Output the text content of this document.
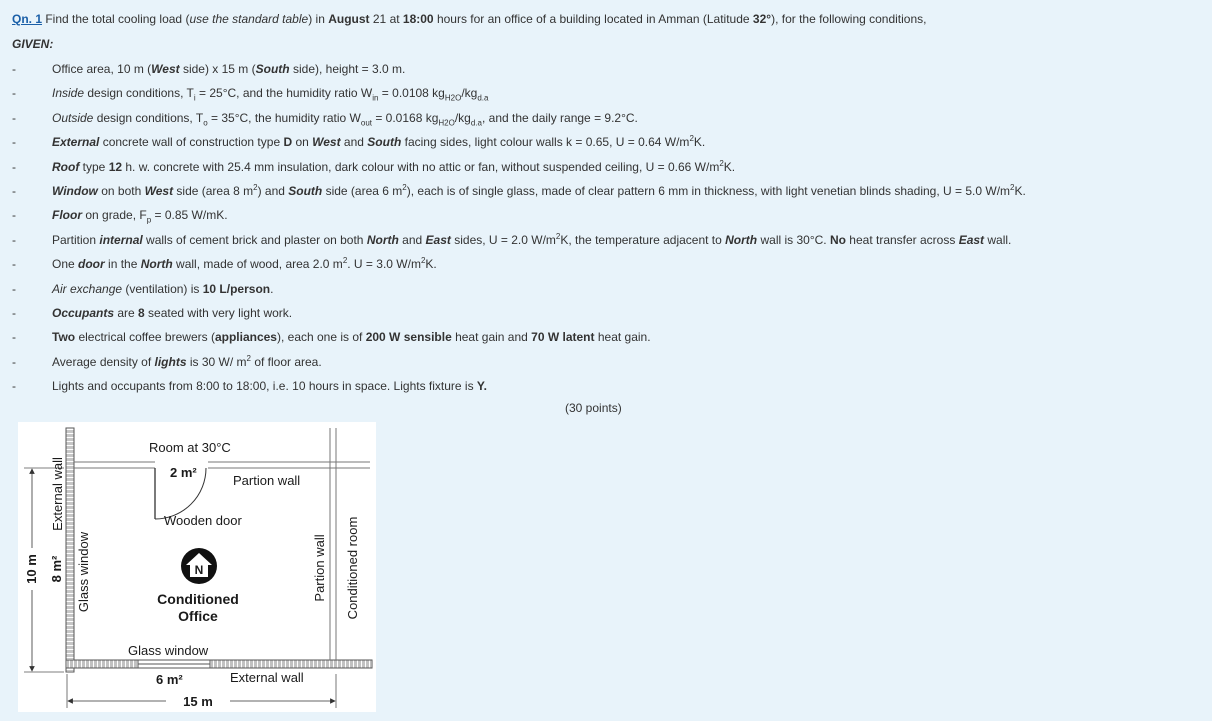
Qn. 1 Find the total cooling load (use the standard table) in August 21 at 18:00 hours for an office of a building located in Amman (Latitude 32°), for the following conditions,
GIVEN:
-	Office area, 10 m (West side) x 15 m (South side), height = 3.0 m.
-	Inside design conditions, $T_i = 25^\circ C$, and the humidity ratio $W_{in} = 0.0108$ $kg_{H2O}/kg_{d.a}$
-	Outside design conditions, $T_o = 35^\circ C$, the humidity ratio $W_{out} = 0.0168$ $kg_{H2O}/kg_{d.a}$, and the daily range = 9.2°C.
-	External concrete wall of construction type D on West and South facing sides, light colour walls k = 0.65, U = 0.64 $W/m^2K$.
-	Roof type 12 h. w. concrete with 25.4 mm insulation, dark colour with no attic or fan, without suspended ceiling, U = 0.66 $W/m^2K$.
-	Window on both West side (area 8 $m^2$) and South side (area 6 $m^2$), each is of single glass, made of clear pattern 6 mm in thickness, with light venetian blinds shading, U = 5.0 $W/m^2K$.
-	Floor on grade, $F_p = 0.85$ W/mK.
-	Partition internal walls of cement brick and plaster on both North and East sides, U = 2.0 $W/m^2K$, the temperature adjacent to North wall is 30°C. No heat transfer across East wall.
-	One door in the North wall, made of wood, area 2.0 $m^2$. U = 3.0 $W/m^2K$.
-	Air exchange (ventilation) is 10 L/person.
-	Occupants are 8 seated with very light work.
-	Two electrical coffee brewers (appliances), each one is of 200 W sensible heat gain and 70 W latent heat gain.
-	Average density of lights is 30 W/ $m^2$ of floor area.
-	Lights and occupants from 8:00 to 18:00, i.e. 10 hours in space. Lights fixture is Y.
(30 points)
Room at 30°C
2 m²
Partion wall
Wooden door
N
Conditioned
Office
Glass window
6 m²	External wall
15 m
10 m 8 m²
External wall
Glass window	Partion wall Conditioned room
